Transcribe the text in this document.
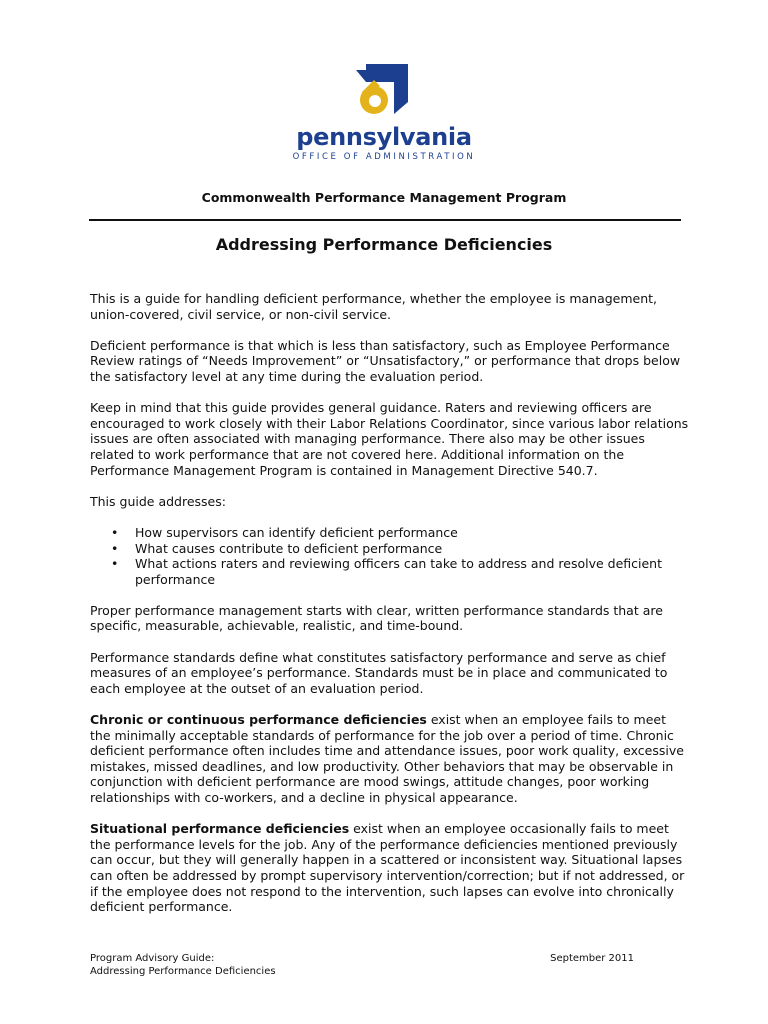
pennsylvania
OFFICE OF ADMINISTRATION
Commonwealth Performance Management Program
Addressing Performance Deficiencies

This is a guide for handling deficient performance, whether the employee is management, union-covered, civil service, or non-civil service.

Deficient performance is that which is less than satisfactory, such as Employee Performance Review ratings of “Needs Improvement” or “Unsatisfactory,” or performance that drops below the satisfactory level at any time during the evaluation period.

Keep in mind that this guide provides general guidance. Raters and reviewing officers are encouraged to work closely with their Labor Relations Coordinator, since various labor relations issues are often associated with managing performance. There also may be other issues related to work performance that are not covered here. Additional information on the Performance Management Program is contained in Management Directive 540.7.

This guide addresses:

• How supervisors can identify deficient performance
• What causes contribute to deficient performance
• What actions raters and reviewing officers can take to address and resolve deficient performance

Proper performance management starts with clear, written performance standards that are specific, measurable, achievable, realistic, and time-bound.

Performance standards define what constitutes satisfactory performance and serve as chief measures of an employee’s performance. Standards must be in place and communicated to each employee at the outset of an evaluation period.

Chronic or continuous performance deficiencies exist when an employee fails to meet the minimally acceptable standards of performance for the job over a period of time. Chronic deficient performance often includes time and attendance issues, poor work quality, excessive mistakes, missed deadlines, and low productivity. Other behaviors that may be observable in conjunction with deficient performance are mood swings, attitude changes, poor working relationships with co-workers, and a decline in physical appearance.

Situational performance deficiencies exist when an employee occasionally fails to meet the performance levels for the job. Any of the performance deficiencies mentioned previously can occur, but they will generally happen in a scattered or inconsistent way. Situational lapses can often be addressed by prompt supervisory intervention/correction; but if not addressed, or if the employee does not respond to the intervention, such lapses can evolve into chronically deficient performance.

Program Advisory Guide:
Addressing Performance Deficiencies
September 2011
